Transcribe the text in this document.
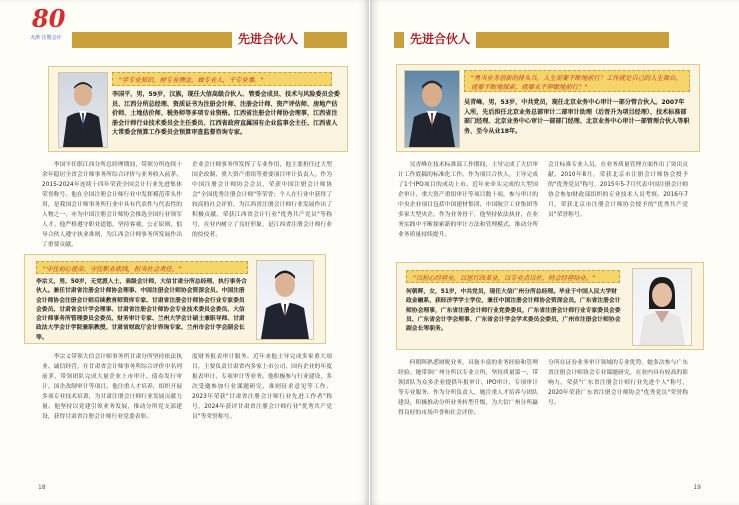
80
天津 注册会计	先进合伙人
"学专业知识，树专业理念，做专业人，干专业事。"
李国平，男，59岁，汉族，现任大信高级合伙人、管委会成员、技术与风险委员会委员、江西分所总经理、资质证书为注册会计师、注册会计师、资产评估师、房地产估价师、土地估价师、税务师等多项专业资格。江西省注册会计师协会理事，江西省注册会计师行业技术委员会主任委员、江西省政府直属国有企业监事会主任、江西省人大常委会预算工作委员会预算审查监督咨询专家。
李国平任职江西分所总经理期间，带领分所连续十余年稳居全省会计师事务所综合评价与业务收入前茅。2015-2024年连续十四年荣获全国会计行业先进集体荣誉称号。他在全国注册会计师行业中发挥模范带头作用，是我国会计师事务所行业中具有代表性与代表性的人物之一，亦为中国注册会计师协会推选全国行业领军人才。他严格遵守职业道德，坚持客观、公正原则，倡导合伙人遵守执业准则，为江西会计师事务所发展作出了重要贡献。
企业会计师事务所发挥了专业作用，他主要担任过大型国企改制、重大资产重组等重要项目审计负责人。作为中国注册会计师协会会员，荣获中国注册会计师协会"全国优秀注册会计师"等荣誉；个人在行业中获得了较高的社会评价，为江西省注册会计师行业发展作出了积极贡献。荣获江西省会计行业"优秀共产党员"等称号，在业内树立了良好形象，是江西省注册会计师行业的佼佼者。
"守住初心使命，守住职业底线，担当社会责任。"
李宗义，男，50岁，无党派人士，高级会计师，大信甘肃分所总经理、执行事务合伙人。兼任甘肃省注册会计师协会理事、中国注册会计师协会资深会员、中国注册会计师协会注册会计师后续教育师资库专家、甘肃省注册会计师协会行业专家委员会委员、甘肃省会计学会理事、甘肃省注册会计师协会专业技术委员会委员、大信会计师事务所管理委员会委员、财务审计专家、兰州大学会计硕士兼职导师、甘肃政法大学会计学院兼职教授、甘肃省财政厅会计咨询专家、兰州市会计学会副会长等。
李宗义带领大信会计师事务所甘肃分所坚持依法执业、诚信经营，在甘肃省会计师事务所综合评价中名列前茅，带领团队完成大量企业上市审计、债券发行审计、国企改制审计等项目。他注重人才培养，组织开展多项专业技术培训，为甘肃注册会计师行业发展贡献力量。他坚持以党建引领业务发展，推动分所党支部建设，获得甘肃省注册会计师行业党委表彰。
度财务报表审计服务。近年来他主导完成多家重大项目，主要负责甘肃省内多家上市公司、国有企业的年度报表审计、专项审计等业务。他积极参与行业建设，多次受邀参加行业课题研究、准则征求意见等工作。2023年荣获"甘肃省注册会计师行业先进工作者"称号，2024年获评甘肃省注册会计师行业"优秀共产党员"等荣誉称号。
18
先进合伙人
"勇当业务创新的排头兵，人生需要不断地前行！工作就是自己的人生舞台，就要不断地探索、就要永不停歇地前行！"
吴青峰，男，53岁，中共党员，现任北京业务中心审计一部分管合伙人。2007年入所，先后担任北京业务总部审计二部审计助理（后晋升为项目经理）、技术标准部部门经理、北京业务中心审计一部部门经理、北京业务中心审计一部管理合伙人等职务，至今从业18年。
吴青峰在技术标准部工作期间，主导完成了大信审计工作底稿的标准化工作。作为项目合伙人，主导完成了1个IPO项目的成功上市。近年来牵头完成的大型国企审计、重大资产重组审计等项目数十项，参与审计的中央企业项目包括中国建材集团、中国航空工业集团等多家大型央企。作为业务骨干，他坚持依法执业，在业务实践中不断探索新的审计方法和管理模式，推动分所业务质量持续提升。
会计标准专业人员，在业务质量管理方面作出了突出贡献。2010年8月，荣获北京市注册会计师协会授予的"优秀党员"称号，2015年5-7月代表中国注册会计师协会参加财政部组织的专业技术人员考察。2016年7月，荣获北京市注册会计师协会授予的"优秀共产党员"荣誉称号。
"以担心经营业，以思行改革业，以专业点以社，持会经营结业。"
何朝晖，女，51岁，中共党员，现任大信广州分所总经理。毕业于中国人民大学财政金融系，获经济学学士学位，兼任中国注册会计师协会资深会员，广东省注册会计师协会理事，广东省注册会计师行业党委委员，广东省注册会计师行业专家委员会委员、广东省会计学会理事、广东省会计学会学术委员会委员，广州市注册会计师协会副会长等职务。
何朝晖熟悉财税业务，具备丰富的业务经验和管理经验。她带领广州分所以专业立所，坚持质量第一，带领团队为众多企业提供年报审计、IPO审计、专项审计等专业服务。作为分所负责人，她注重人才培养与团队建设，积极推动分所业务转型升级，为大信广州分所赢得良好的市场声誉和社会评价。
分所在证券业务审计领域的专业优势。她多次参与广东省注册会计师协会专业课题研究，在业内具有较高的影响力。荣获"广东省注册会计师行业先进个人"称号，2020年荣获广东省注册会计师协会"优秀党员"荣誉称号。
19
